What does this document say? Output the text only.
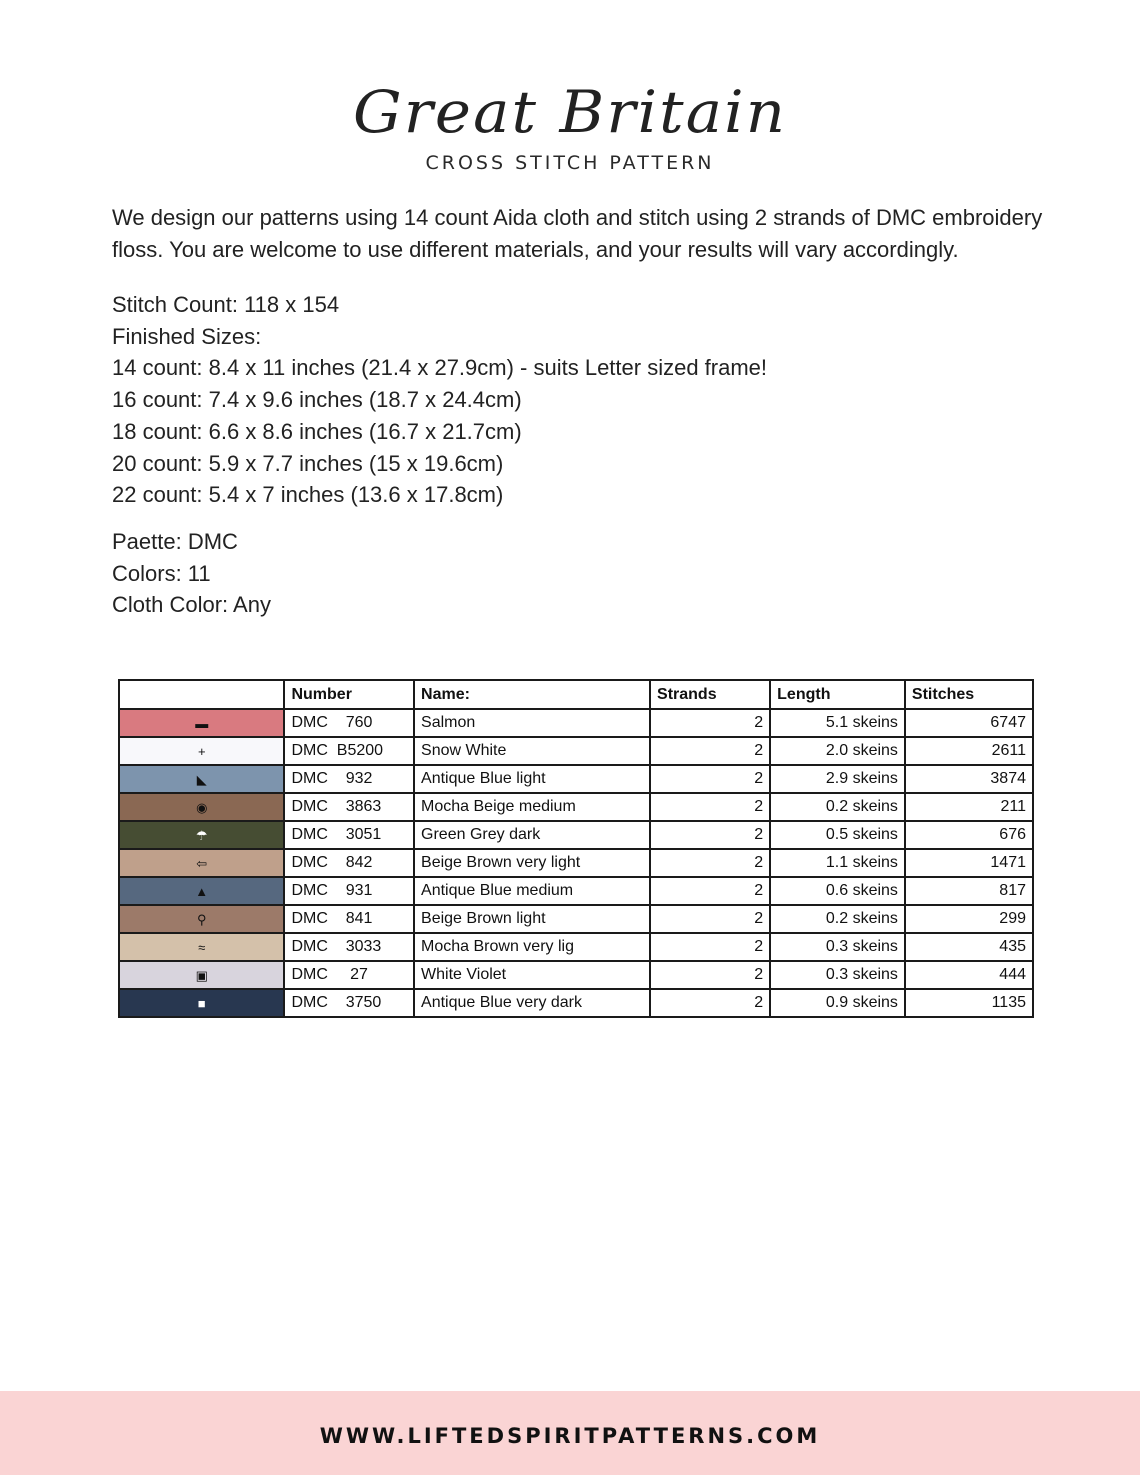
Great Britain
CROSS STITCH PATTERN
We design our patterns using 14 count Aida cloth and stitch using 2 strands of DMC embroidery
floss. You are welcome to use different materials, and your results will vary accordingly.
Stitch Count: 118 x 154
Finished Sizes:
14 count: 8.4 x 11 inches (21.4 x 27.9cm) - suits Letter sized frame!
16 count: 7.4 x 9.6 inches (18.7 x 24.4cm)
18 count: 6.6 x 8.6 inches (16.7 x 21.7cm)
20 count: 5.9 x 7.7 inches (15 x 19.6cm)
22 count: 5.4 x 7 inches (13.6 x 17.8cm)
Paette: DMC
Colors: 11
Cloth Color: Any
	Number	Name:	Strands	Length	Stitches
▬	DMC    760	Salmon	2	5.1 skeins	6747
+	DMC  B5200	Snow White	2	2.0 skeins	2611
◣	DMC    932	Antique Blue light	2	2.9 skeins	3874
◉	DMC    3863	Mocha Beige medium	2	0.2 skeins	211
☂	DMC    3051	Green Grey dark	2	0.5 skeins	676
⇦	DMC    842	Beige Brown very light	2	1.1 skeins	1471
▲	DMC    931	Antique Blue medium	2	0.6 skeins	817
⚲	DMC    841	Beige Brown light	2	0.2 skeins	299
≈	DMC    3033	Mocha Brown very lig	2	0.3 skeins	435
▣	DMC     27	White Violet	2	0.3 skeins	444
■	DMC    3750	Antique Blue very dark	2	0.9 skeins	1135
WWW.LIFTEDSPIRITPATTERNS.COM
